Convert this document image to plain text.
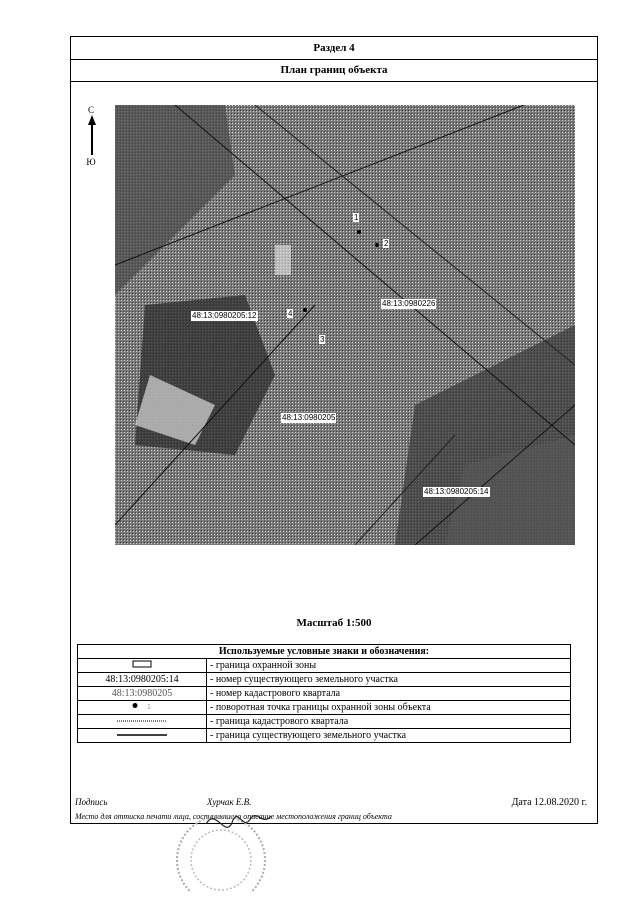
Раздел 4
План границ объекта
С
Ю
1
2
3
4
48:13:0980205:12
48:13:0980226
48:13:0980205
48:13:0980205:14
Масштаб 1:500
Используемые условные знаки и обозначения:	
	- граница охранной зоны
48:13:0980205:14	- номер существующего земельного участка
48:13:0980205	- номер кадастрового квартала

1	- поворотная точка границы охранной зоны объекта
	- граница кадастрового квартала
	- граница существующего земельного участка
Подпись	Хурчак Е.В.	Дата 12.08.2020 г.
Место для оттиска печати лица, составившего описание местоположения границ объекта
